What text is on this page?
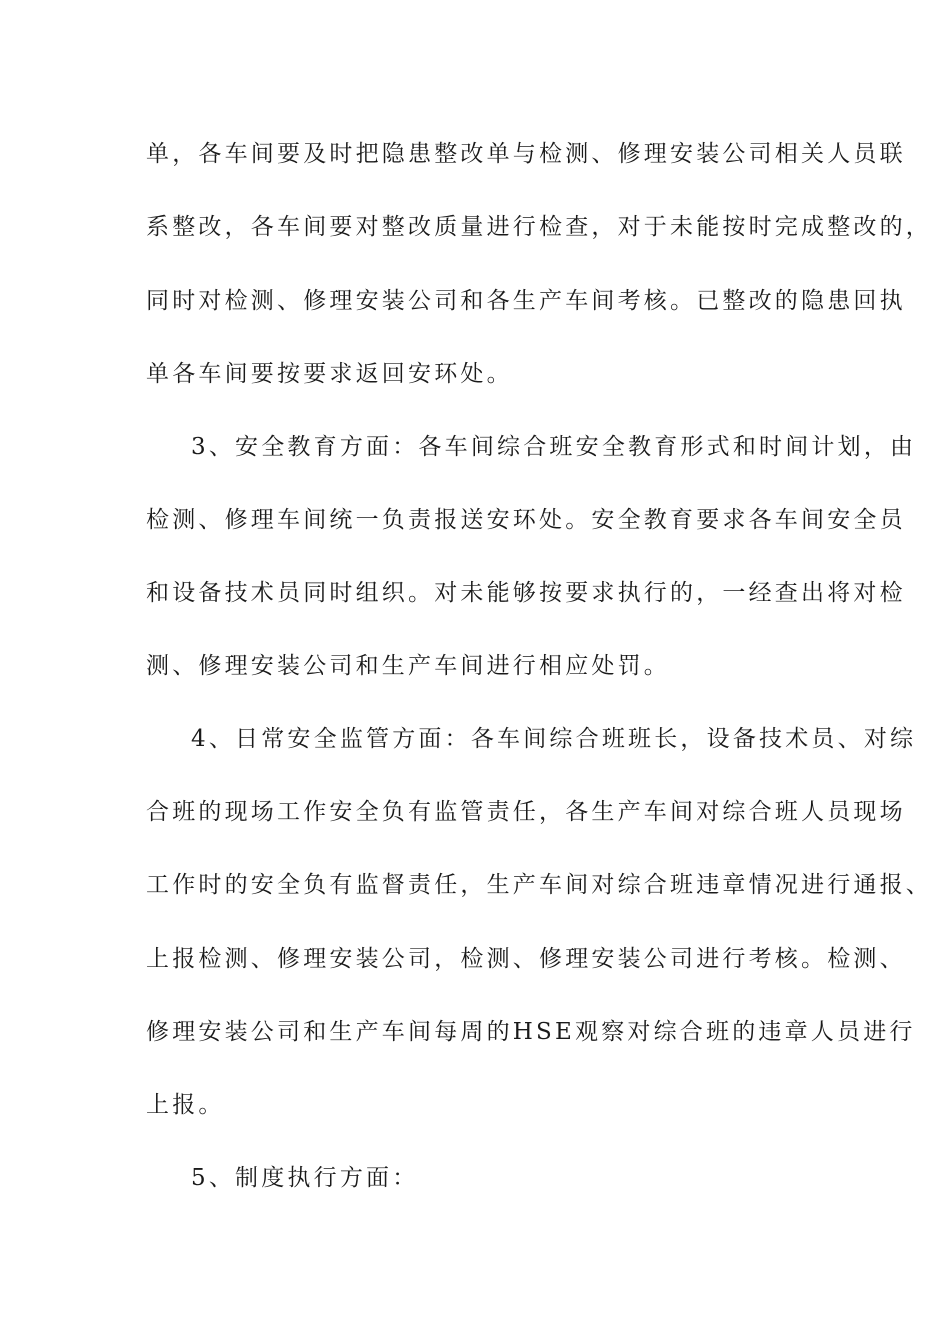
单，各车间要及时把隐患整改单与检测、修理安装公司相关人员联
系整改，各车间要对整改质量进行检查，对于未能按时完成整改的，
同时对检测、修理安装公司和各生产车间考核。已整改的隐患回执
单各车间要按要求返回安环处。
3、安全教育方面：各车间综合班安全教育形式和时间计划，由
检测、修理车间统一负责报送安环处。安全教育要求各车间安全员
和设备技术员同时组织。对未能够按要求执行的，一经查出将对检
测、修理安装公司和生产车间进行相应处罚。
4、日常安全监管方面：各车间综合班班长，设备技术员、对综
合班的现场工作安全负有监管责任，各生产车间对综合班人员现场
工作时的安全负有监督责任，生产车间对综合班违章情况进行通报、
上报检测、修理安装公司，检测、修理安装公司进行考核。检测、
修理安装公司和生产车间每周的HSE观察对综合班的违章人员进行
上报。
5、制度执行方面：
